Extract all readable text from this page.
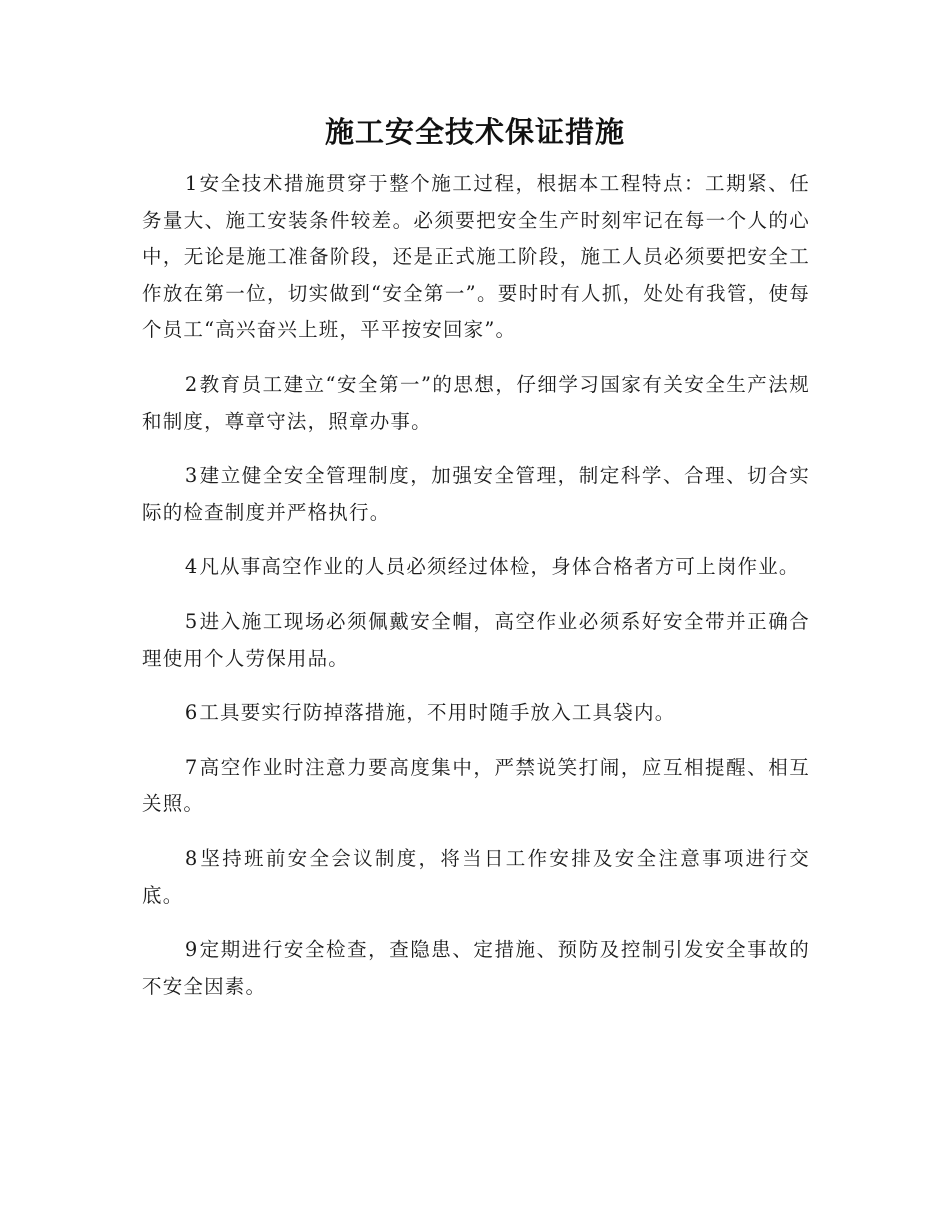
施工安全技术保证措施

1 安全技术措施贯穿于整个施工过程，根据本工程特点：工期紧、任务量大、施工安装条件较差。必须要把安全生产时刻牢记在每一个人的心中，无论是施工准备阶段，还是正式施工阶段，施工人员必须要把安全工作放在第一位，切实做到“安全第一”。要时时有人抓，处处有我管，使每个员工“高兴奋兴上班，平平按安回家”。

2 教育员工建立“安全第一”的思想，仔细学习国家有关安全生产法规和制度，尊章守法，照章办事。

3 建立健全安全管理制度，加强安全管理，制定科学、合理、切合实际的检查制度并严格执行。

4 凡从事高空作业的人员必须经过体检，身体合格者方可上岗作业。

5 进入施工现场必须佩戴安全帽，高空作业必须系好安全带并正确合理使用个人劳保用品。

6 工具要实行防掉落措施，不用时随手放入工具袋内。

7 高空作业时注意力要高度集中，严禁说笑打闹，应互相提醒、相互关照。

8 坚持班前安全会议制度，将当日工作安排及安全注意事项进行交底。

9 定期进行安全检查，查隐患、定措施、预防及控制引发安全事故的不安全因素。
